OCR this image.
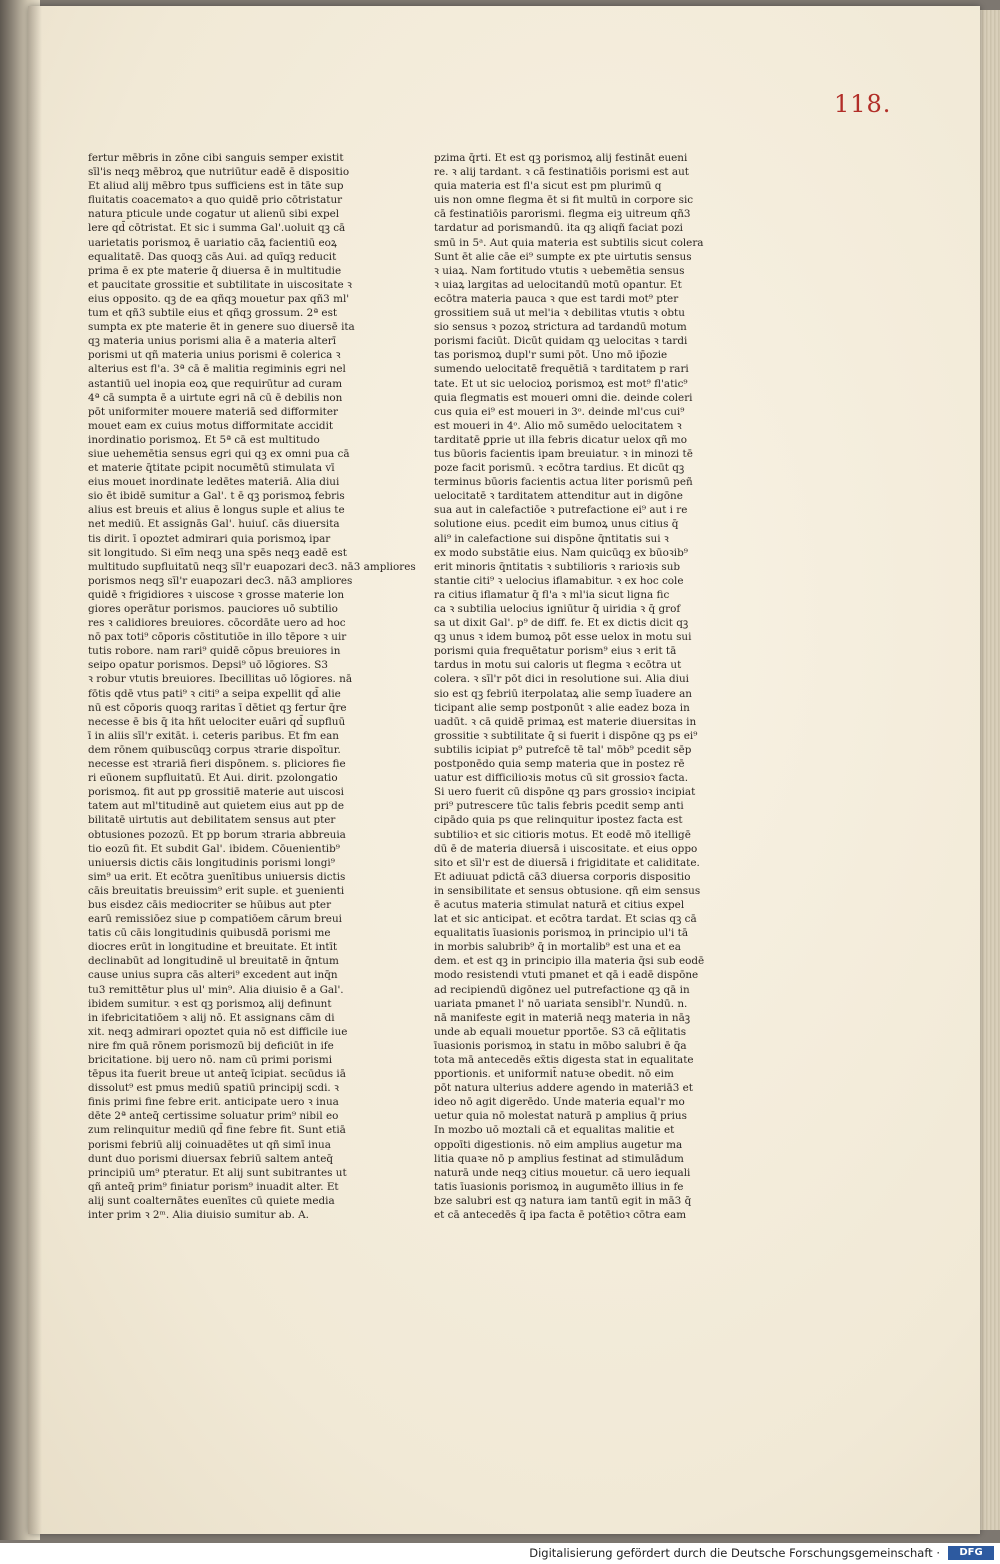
118.
fertur mēbris in zōne cibi sanguis semper existit
sīl'is neqꝫ mēbroꝝ que nutriūtur eadē ē dispositio
Et aliud alij mēbro tpus sufficiens est in tāte sup
fluitatis coacematoꝛ a quo quidē prio cōtristatur
natura pticule unde cogatur ut alienū sibi expel
lere qd̄ cōtristat. Et sic i summa Gal'.uoluit qꝫ cā
uarietatis porismoꝝ ē uariatio cāꝝ facientiū eoꝝ
equalitatē. Das quoqꝫ cās Aui. ad quīqꝫ reducit
prima ē ex pte materie q̄ diuersa ē in multitudie
et paucitate grossitie et subtilitate in uiscositate ꝛ
eius opposito. qꝫ de ea qñqꝫ mouetur pax qñ3 ml'
tum et qñ3 subtile eius et qñqꝫ grossum. 2ª est
sumpta ex pte materie ēt in genere suo diuersē ita
qꝫ materia unius porismi alia ē a materia alterī
porismi ut qñ materia unius porismi ē colerica ꝛ
alterius est fl'a. 3ª cā ē malitia regiminis egri nel
astantiū uel inopia eoꝝ que requirūtur ad curam
4ª cā sumpta ē a uirtute egri nā cū ē debilis non
pōt uniformiter mouere materiā sed difformiter
mouet eam ex cuius motus difformitate accidit
inordinatio porismoꝝ. Et 5ª cā est multitudo
siue uehemētia sensus egri qui qꝫ ex omni pua cā
et materie q̄titate pcipit nocumētū stimulata vī
eius mouet inordinate ledētes materiā. Alia diui
sio ēt ibidē sumitur a Gal'. t ē qꝫ porismoꝝ febris
alius est breuis et alius ē longus suple et alius te
net mediū. Et assignās Gal'. huiuſ. cās diuersita
tis dirit. ī opoztet admirari quia porismoꝝ ipar
sit longitudo. Si eīm neqꝫ una spēs neqꝫ eadē est
multitudo supfluitatū neqꝫ sīl'r euapozari dec3. nā3 ampliores
porismos neqꝫ sīl'r euapozari dec3. nā3 ampliores
quidē ꝛ frigidiores ꝛ uiscose ꝛ grosse materie lon
giores operātur porismos. pauciores uō subtilio
res ꝛ calidiores breuiores. cōcordāte uero ad hoc
nō pax toti⁹ cōporis cōstitutiōe in illo tēpore ꝛ uir
tutis robore. nam rari⁹ quidē cōpus breuiores in
seipo opatur porismos. Depsi⁹ uō lōgiores. S3
ꝛ robur vtutis breuiores. Ibecillitas uō lōgiores. nā
fōtis qdē vtus pati⁹ ꝛ citi⁹ a seipa expellit qd̄ alie
nū est cōporis quoqꝫ raritas ī dētiet qꝫ fertur q̄re
necesse ē bis q̄ ita hñt uelociter euāri qd̄ supfluū
ī in aliis sīl'r exitāt. i. ceteris paribus. Et fm ean
dem rōnem quibuscūqꝫ corpus ꝛtrarie dispoītur.
necesse est ꝛtrariā fieri dispōnem. s. pliciores fie
ri eūonem supfluitatū. Et Aui. dirit. pzolongatio
porismoꝝ. fit aut pp grossitiē materie aut uiscosi
tatem aut ml'titudinē aut quietem eius aut pp de
bilitatē uirtutis aut debilitatem sensus aut pter
obtusiones pozozū. Et pp borum ꝛtraria abbreuia
tio eozū fit. Et subdit Gal'. ibidem. Cōuenientib⁹
uniuersis dictis cāis longitudinis porismi longi⁹
sim⁹ ua erit. Et ecōtra ꝫuenītibus uniuersis dictis
cāis breuitatis breuissim⁹ erit suple. et ꝫuenienti
bus eisdez cāis mediocriter se hūibus aut pter
earū remissiōez siue p compatiōem cārum breui
tatis cū cāis longitudinis quibusdā porismi me
diocres erūt in longitudine et breuitate. Et intīt
declinabūt ad longitudinē ul breuitatē in q̄ntum
cause unius supra cās alteri⁹ excedent aut inq̄n
tu3 remittētur plus ul' min⁹. Alia diuisio ē a Gal'.
ibidem sumitur. ꝛ est qꝫ porismoꝝ alij definunt
in ifebricitatiōem ꝛ alij nō. Et assignans cām di
xit. neqꝫ admirari opoztet quia nō est difficile iue
nire fm quā rōnem porismozū bij deficiūt in ife
bricitatione. bij uero nō. nam cū primi porismi
tēpus ita fuerit breue ut anteq̄ īcipiat. secūdus iā
dissolut⁹ est pmus mediū spatiū principij scdi. ꝛ
finis primi fine febre erit. anticipate uero ꝛ inua
dēte 2ª anteq̄ certissime soluatur prim⁹ nibil eo
zum relinquitur mediū qd̄ fine febre fit. Sunt etiā
porismi febriū alij coinuadētes ut qñ simī inua
dunt duo porismi diuersax febriū saltem anteq̄
principiū um⁹ pteratur. Et alij sunt subitrantes ut
qñ anteq̄ prim⁹ finiatur porism⁹ inuadit alter. Et
alij sunt coalternātes euenītes cū quiete media
inter prim ꝛ 2ᵐ. Alia diuisio sumitur ab. A.
pzima q̄rti. Et est qꝫ porismoꝝ alij festināt eueni
re. ꝛ alij tardant. ꝛ cā festinatiōis porismi est aut
quia materia est fl'a sicut est pm plurimū q
uis non omne flegma ēt si fit multū in corpore sic
cā festinatiōis parorismi. flegma eiꝫ uitreum qñ3
tardatur ad porismandū. ita qꝫ aliqñ faciat pozi
smū in 5ᵃ. Aut quia materia est subtilis sicut colera
Sunt ēt alie cāe ei⁹ sumpte ex pte uirtutis sensus
ꝛ uiaꝝ. Nam fortitudo vtutis ꝛ uebemētia sensus
ꝛ uiaꝝ largitas ad uelocitandū motū opantur. Et
ecōtra materia pauca ꝛ que est tardi mot⁹ pter
grossitiem suā ut mel'ia ꝛ debilitas vtutis ꝛ obtu
sio sensus ꝛ pozoꝝ strictura ad tardandū motum
porismi faciūt. Dicūt quidam qꝫ uelocitas ꝛ tardi
tas porismoꝝ dupl'r sumi pōt. Uno mō ip̄ozie
sumendo uelocitatē frequētiā ꝛ tarditatem p rari
tate. Et ut sic uelocioꝝ porismoꝝ est mot⁹ fl'atic⁹
quia flegmatis est moueri omni die. deinde coleri
cus quia ei⁹ est moueri in 3ᵒ. deinde ml'cus cui⁹
est moueri in 4ᵒ. Alio mō sumēdo uelocitatem ꝛ
tarditatē ꝑprie ut illa febris dicatur uelox qñ mo
tus būoris facientis ipam breuiatur. ꝛ in minozi tē
poze facit porismū. ꝛ ecōtra tardius. Et dicūt qꝫ
terminus būoris facientis actua liter porismū peñ
uelocitatē ꝛ tarditatem attenditur aut in digōne
sua aut in calefactiōe ꝛ putrefactione ei⁹ aut i re
solutione eius. pcedit eim bumoꝝ unus citius q̄
ali⁹ in calefactione sui dispōne q̄ntitatis sui ꝛ
ex modo substātie eius. Nam quicūqꝫ ex būoꝛib⁹
erit minoris q̄ntitatis ꝛ subtilioris ꝛ rarioꝛis sub
stantie citi⁹ ꝛ uelocius iflamabitur. ꝛ ex hoc cole
ra citius iflamatur q̄ fl'a ꝛ ml'ia sicut ligna fic
ca ꝛ subtilia uelocius igniūtur q̄ uiridia ꝛ q̄ grof
sa ut dixit Gal'. p⁹ de diff. fe. Et ex dictis dicit qꝫ
qꝫ unus ꝛ idem bumoꝝ pōt esse uelox in motu sui
porismi quia frequētatur porism⁹ eius ꝛ erit tā
tardus in motu sui caloris ut flegma ꝛ ecōtra ut
colera. ꝛ sīl'r pōt dici in resolutione sui. Alia diui
sio est qꝫ febriū iterpolataꝝ alie semp īuadere an
ticipant alie semp postponūt ꝛ alie eadez boza in
uadūt. ꝛ cā quidē primaꝝ est materie diuersitas in
grossitie ꝛ subtilitate q̄ si fuerit i dispōne qꝫ ps ei⁹
subtilis icipiat p⁹ putrefcē tē tal' mōb⁹ pcedit sēp
postponēdo quia semp materia que in postez rē
uatur est difficilioꝛis motus cū sit grossioꝛ facta.
Si uero fuerit cū dispōne qꝫ pars grossioꝛ incipiat
pri⁹ putrescere tūc talis febris pcedit semp anti
cipādo quia ps que relinquitur ipostez facta est
subtilioꝛ et sic citioris motus. Et eodē mō itelligē
dū ē de materia diuersā i uiscositate. et eius oppo
sito et sīl'r est de diuersā i frigiditate et caliditate.
Et adiuuat pdictā cā3 diuersa corporis dispositio
in sensibilitate et sensus obtusione. qñ eim sensus
ē acutus materia stimulat naturā et citius expel
lat et sic anticipat. et ecōtra tardat. Et scias qꝫ cā
equalitatis īuasionis porismoꝝ in principio ul'i tā
in morbis salubrib⁹ q̄ in mortalib⁹ est una et ea
dem. et est qꝫ in principio illa materia q̄si sub eodē
modo resistendi vtuti pmanet et qā i eadē dispōne
ad recipiendū digōnez uel putrefactione qꝫ qā in
uariata pmanet l' nō uariata sensibl'r. Nundū. n.
nā manifeste egit in materiā neqꝫ materia in nāꝫ
unde ab equali mouetur pportōe. S3 cā eq̄litatis
īuasionis porismoꝝ in statu in mōbo salubri ē q̄a
tota mā antecedēs ex̄tis digesta stat in equalitate
pportionis. et uniformit̄ natuꝛe obedit. nō eim
pōt natura ulterius addere agendo in materiā3 et
ideo nō agit digerēdo. Unde materia equal'r mo
uetur quia nō molestat naturā p amplius q̄ prius
In mozbo uō moztali cā et equalitas malitie et
oppoīti digestionis. nō eim amplius augetur ma
litia quaꝛe nō p amplius festinat ad stimulādum
naturā unde neqꝫ citius mouetur. cā uero iequali
tatis īuasionis porismoꝝ in augumēto illius in fe
bze salubri est qꝫ natura iam tantū egit in mā3 q̄
et cā antecedēs q̄ ipa facta ē potētioꝛ cōtra eam
Digitalisierung gefördert durch die Deutsche Forschungsgemeinschaft ·	DFG
